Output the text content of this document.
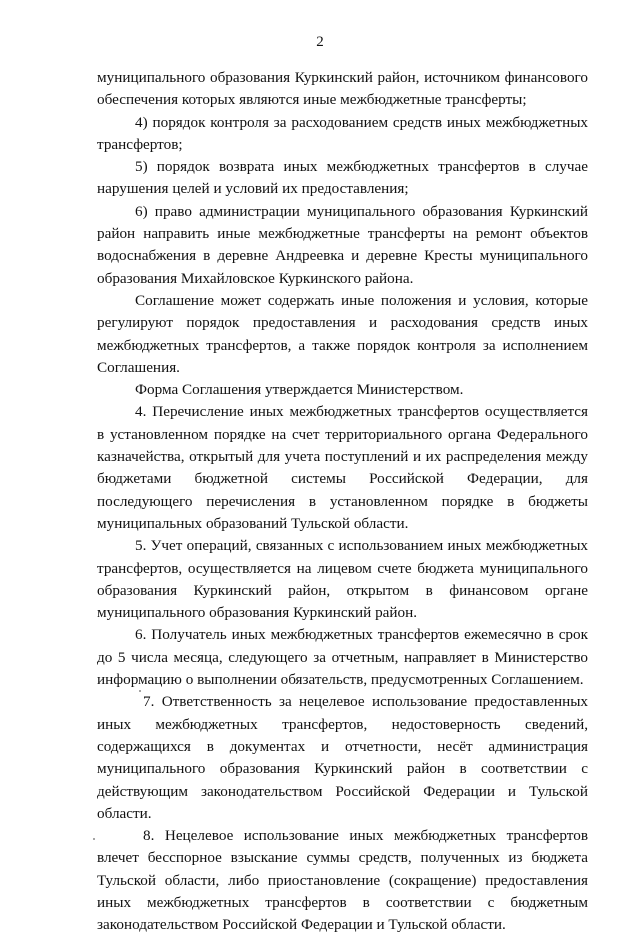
2

муниципального образования Куркинский район, источником финансового обеспечения которых являются иные межбюджетные трансферты;

4) порядок контроля за расходованием средств иных межбюджетных трансфертов;

5) порядок возврата иных межбюджетных трансфертов в случае нарушения целей и условий их предоставления;

6) право администрации муниципального образования Куркинский район направить иные межбюджетные трансферты на ремонт объектов водоснабжения в деревне Андреевка и деревне Кресты муниципального образования Михайловское Куркинского района.

Соглашение может содержать иные положения и условия, которые регулируют порядок предоставления и расходования средств иных межбюджетных трансфертов, а также порядок контроля за исполнением Соглашения.

Форма Соглашения утверждается Министерством.

4. Перечисление иных межбюджетных трансфертов осуществляется в установленном порядке на счет территориального органа Федерального казначейства, открытый для учета поступлений и их распределения между бюджетами бюджетной системы Российской Федерации, для последующего перечисления в установленном порядке в бюджеты муниципальных образований Тульской области.

5. Учет операций, связанных с использованием иных межбюджетных трансфертов, осуществляется на лицевом счете бюджета муниципального образования Куркинский район, открытом в финансовом органе муниципального образования Куркинский район.

6. Получатель иных межбюджетных трансфертов ежемесячно в срок до 5 числа месяца, следующего за отчетным, направляет в Министерство информацию о выполнении обязательств, предусмотренных Соглашением.

7. Ответственность за нецелевое использование предоставленных иных межбюджетных трансфертов, недостоверность сведений, содержащихся в документах и отчетности, несёт администрация муниципального образования Куркинский район в соответствии с действующим законодательством Российской Федерации и Тульской области.

8. Нецелевое использование иных межбюджетных трансфертов влечет бесспорное взыскание суммы средств, полученных из бюджета Тульской области, либо приостановление (сокращение) предоставления иных межбюджетных трансфертов в соответствии с бюджетным законодательством Российской Федерации и Тульской области.
